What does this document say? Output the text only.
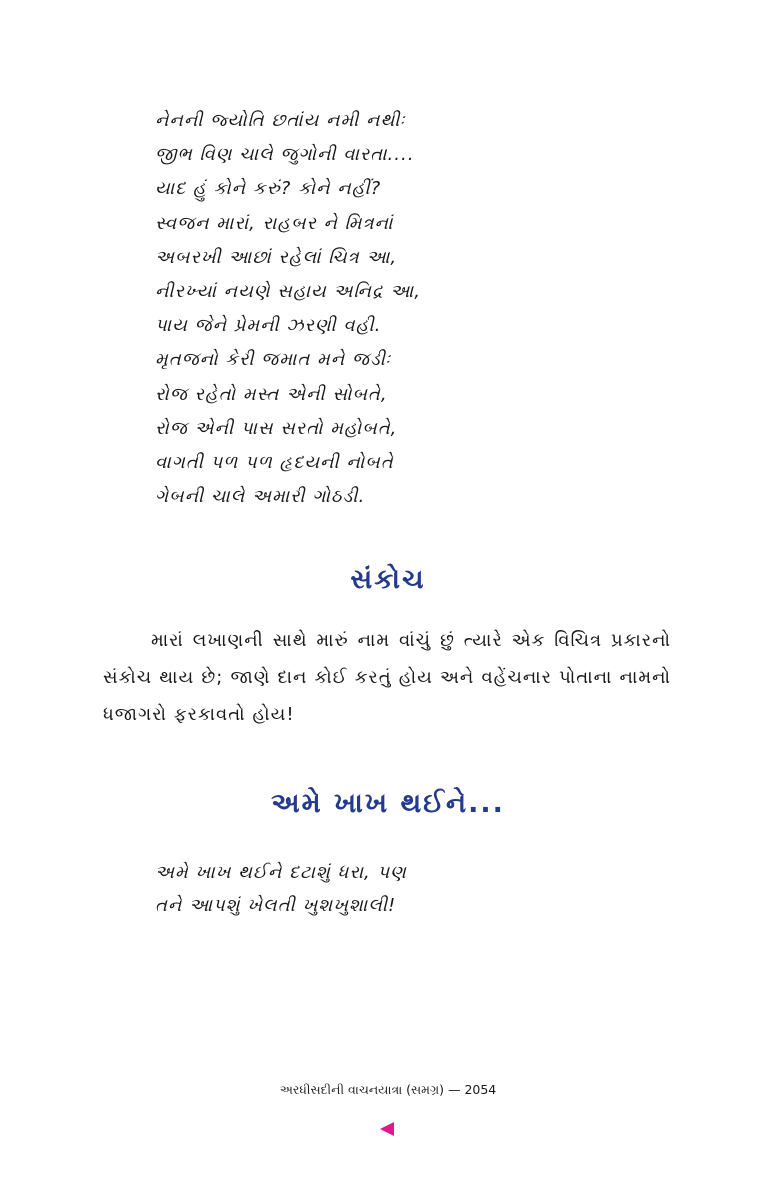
નેનની જ્યોતિ છતાંય નમી નથીઃ
જીભ વિણ ચાલે જુગોની વારતા....
યાદ હું કોને કરું? કોને નહીં?
સ્વજન મારાં, રાહબર ને મિત્રનાં
અબરખી આછાં રહેલાં ચિત્ર આ,
નીરખ્યાં નયણે સહાય અનિદ્ર આ,
પાય જેને પ્રેમની ઝરણી વહી.
મૃતજનો કેરી જમાત મને જડીઃ
રોજ રહેતો મસ્ત એની સોબતે,
રોજ એની પાસ સરતો મહોબતે,
વાગતી પળ પળ હૃદયની નોબતે
ગેબની ચાલે અમારી ગોઠડી.
સંકોચ
મારાં લખાણની સાથે મારું નામ વાંચું છું ત્યારે એક વિચિત્ર પ્રકારનો સંકોચ થાય છે; જાણે દાન કોઈ કરતું હોય અને વહેંચનાર પોતાના નામનો ધજાગરો ફરકાવતો હોય!
અમે ખાખ થઈને...
અમે ખાખ થઈને દટાશું ધરા, પણ
તને આપશું ખેલતી ખુશખુશાલી!
અરધીસદીની વાચનયાત્રા (સમગ્ર) — 2054
